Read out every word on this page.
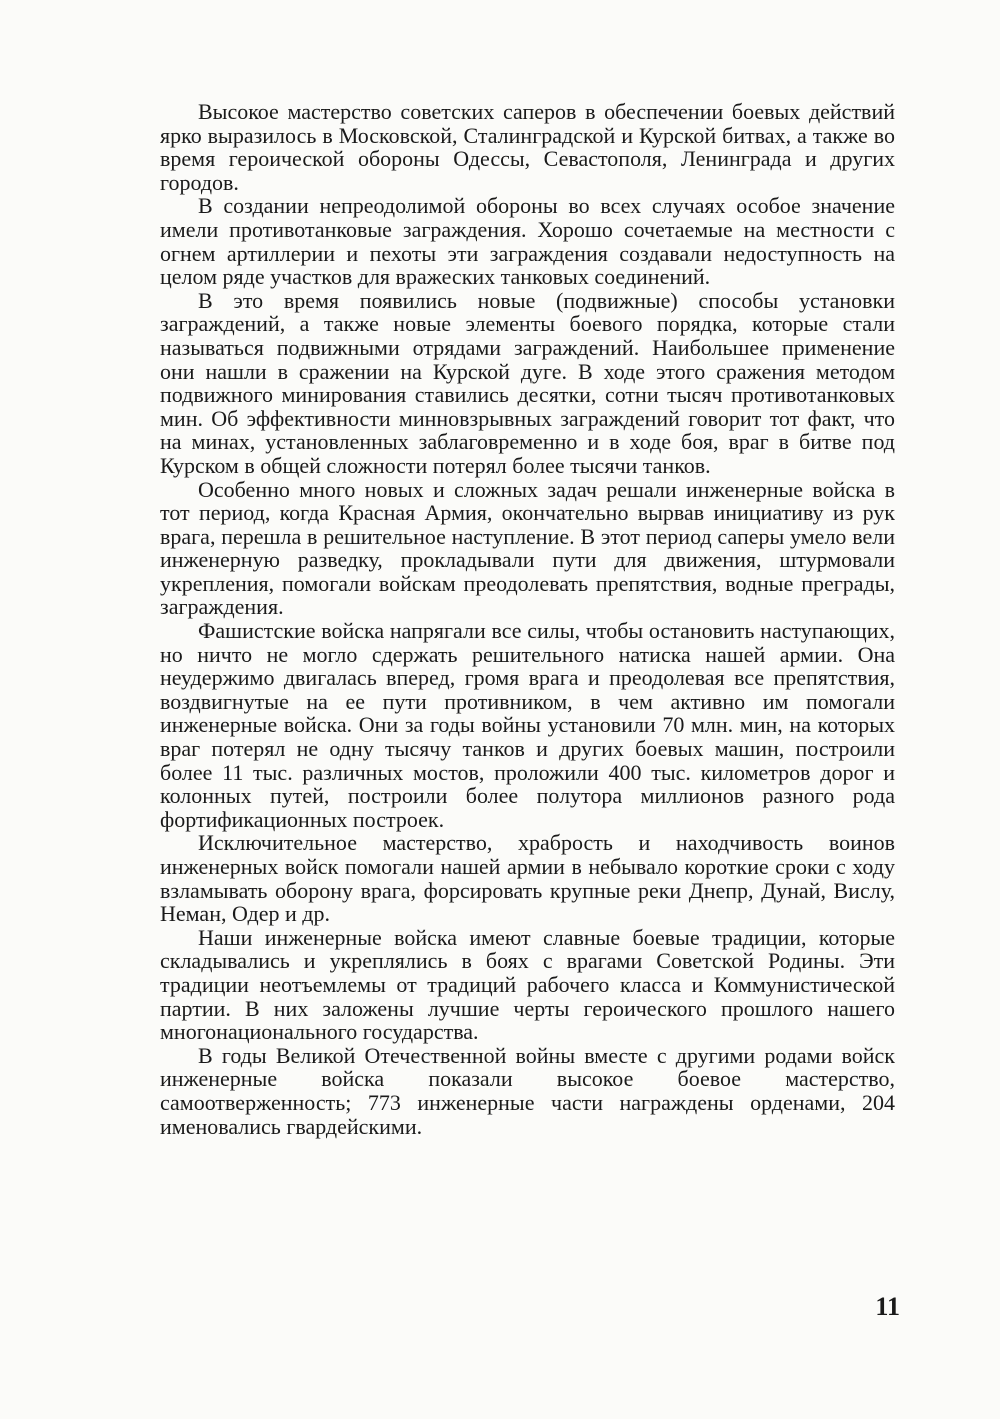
Высокое мастерство советских саперов в обеспечении боевых действий ярко выразилось в Московской, Сталинградской и Курской битвах, а также во время героической обороны Одессы, Севастополя, Ленинграда и других городов.

В создании непреодолимой обороны во всех случаях особое значение имели противотанковые заграждения. Хорошо сочетаемые на местности с огнем артиллерии и пехоты эти заграждения создавали недоступность на целом ряде участков для вражеских танковых соединений.

В это время появились новые (подвижные) способы установки заграждений, а также новые элементы боевого порядка, которые стали называться подвижными отрядами заграждений. Наибольшее применение они нашли в сражении на Курской дуге. В ходе этого сражения методом подвижного минирования ставились десятки, сотни тысяч противотанковых мин. Об эффективности минновзрывных заграждений говорит тот факт, что на минах, установленных заблаговременно и в ходе боя, враг в битве под Курском в общей сложности потерял более тысячи танков.

Особенно много новых и сложных задач решали инженерные войска в тот период, когда Красная Армия, окончательно вырвав инициативу из рук врага, перешла в решительное наступление. В этот период саперы умело вели инженерную разведку, прокладывали пути для движения, штурмовали укрепления, помогали войскам преодолевать препятствия, водные преграды, заграждения.

Фашистские войска напрягали все силы, чтобы остановить наступающих, но ничто не могло сдержать решительного натиска нашей армии. Она неудержимо двигалась вперед, громя врага и преодолевая все препятствия, воздвигнутые на ее пути противником, в чем активно им помогали инженерные войска. Они за годы войны установили 70 млн. мин, на которых враг потерял не одну тысячу танков и других боевых машин, построили более 11 тыс. различных мостов, проложили 400 тыс. километров дорог и колонных путей, построили более полутора миллионов разного рода фортификационных построек.

Исключительное мастерство, храбрость и находчивость воинов инженерных войск помогали нашей армии в небывало короткие сроки с ходу взламывать оборону врага, форсировать крупные реки Днепр, Дунай, Вислу, Неман, Одер и др.

Наши инженерные войска имеют славные боевые традиции, которые складывались и укреплялись в боях с врагами Советской Родины. Эти традиции неотъемлемы от традиций рабочего класса и Коммунистической партии. В них заложены лучшие черты героического прошлого нашего многонационального государства.

В годы Великой Отечественной войны вместе с другими родами войск инженерные войска показали высокое боевое мастерство, самоотверженность; 773 инженерные части награждены орденами, 204 именовались гвардейскими.

11
